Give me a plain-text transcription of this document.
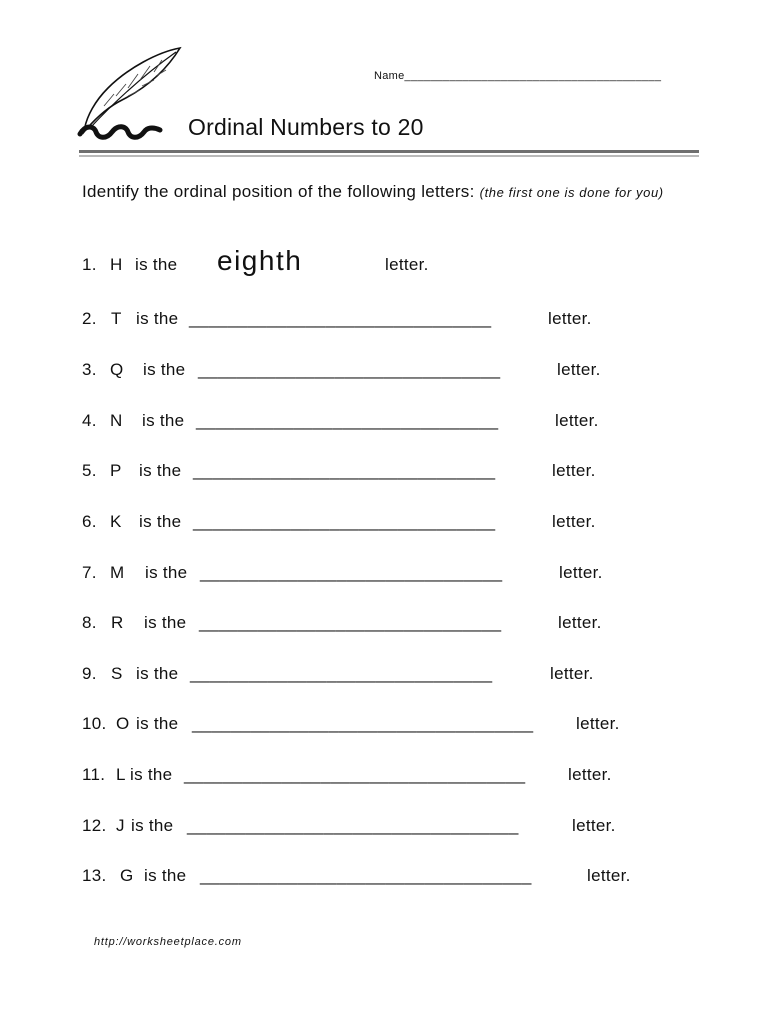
Name________________________________________
Ordinal Numbers to 20
Identify the ordinal position of the following letters: (the first one is done for you)
1. H is the eighth	letter.
2. T is the _______________________________	letter.
3. Q is the _______________________________	letter.
4. N is the _______________________________	letter.
5. P is the _______________________________	letter.
6. K is the _______________________________	letter.
7. M is the _______________________________	letter.
8. R is the _______________________________	letter.
9. S is the _______________________________	letter.
10. O is the ___________________________________	letter.
11. L is the ___________________________________	letter.
12. J is the __________________________________	letter.
13. G is the __________________________________	letter.
http://worksheetplace.com
